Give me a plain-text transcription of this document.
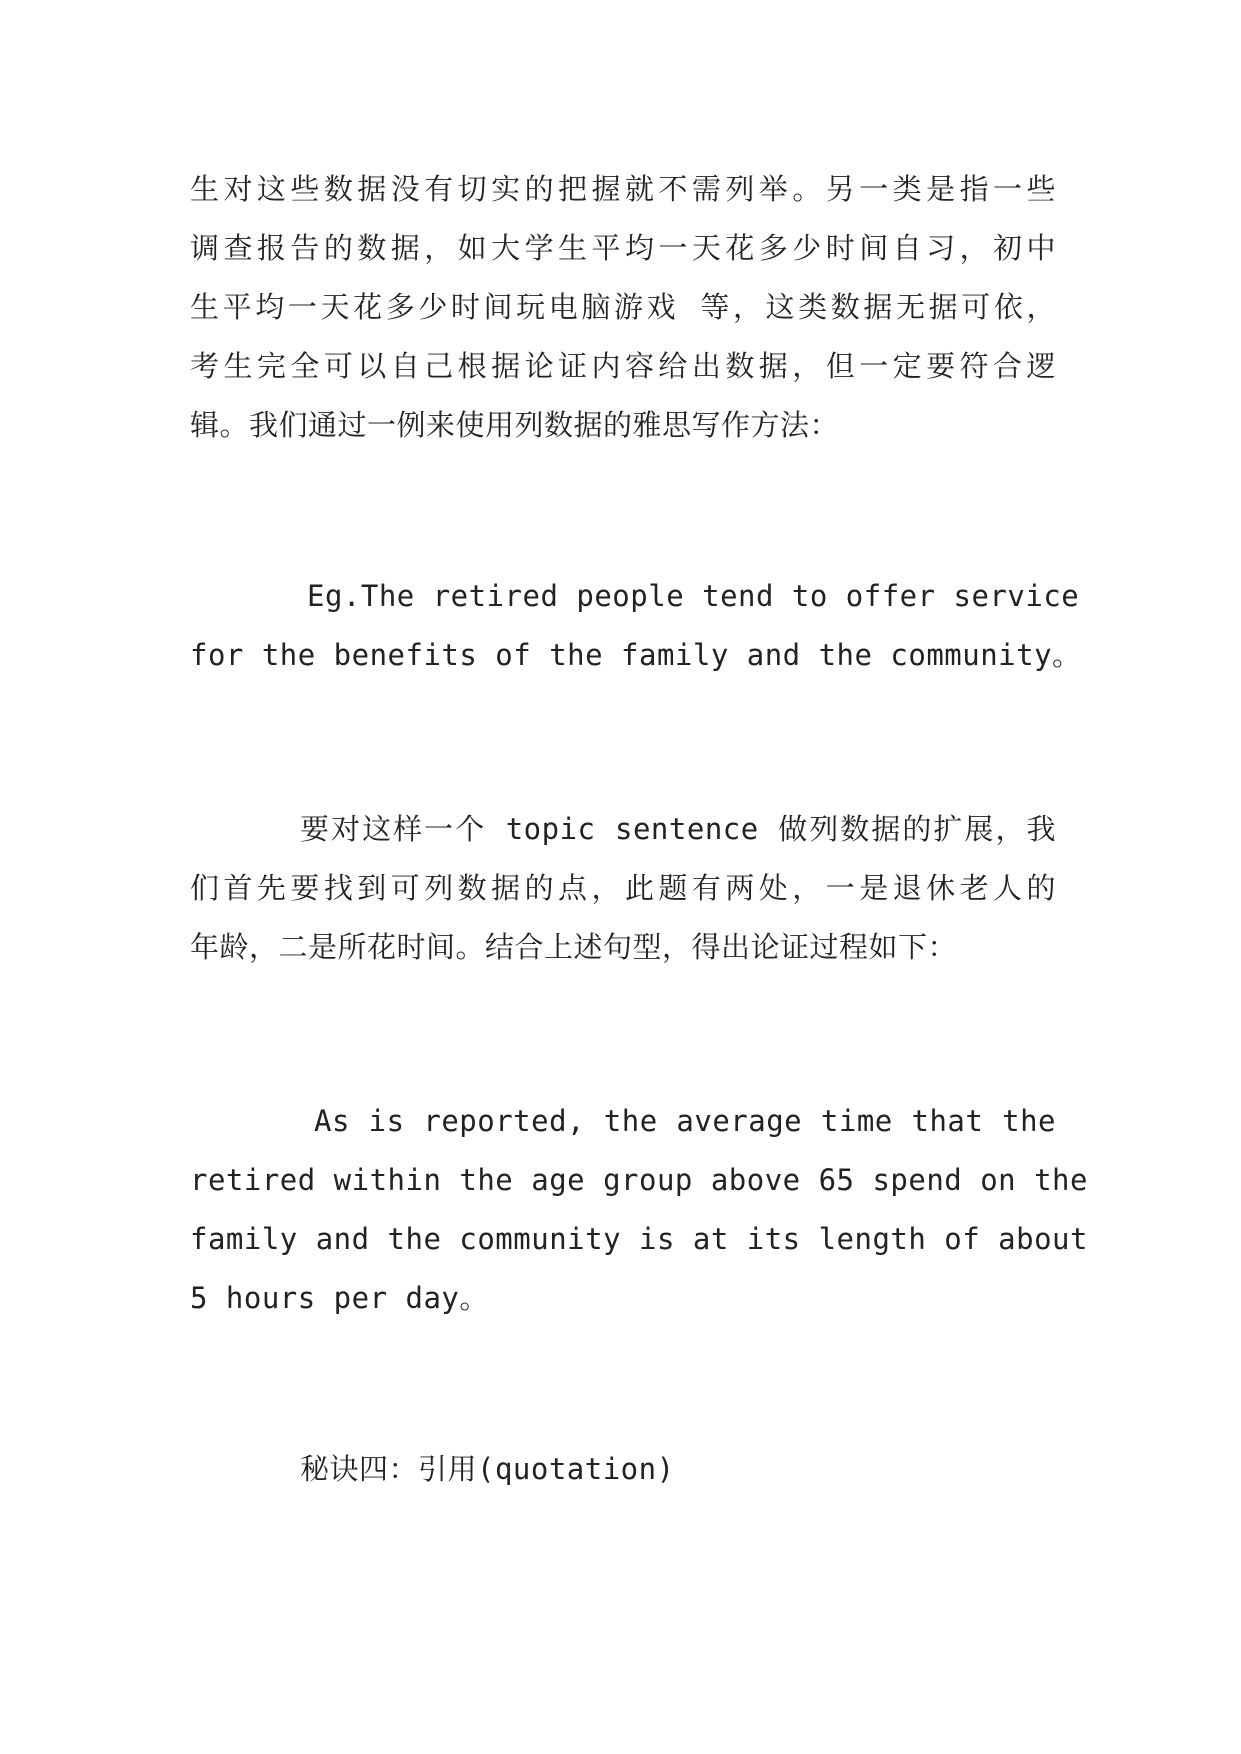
生对这些数据没有切实的把握就不需列举。另一类是指一些
调查报告的数据，如大学生平均一天花多少时间自习，初中
生平均一天花多少时间玩电脑游戏 等，这类数据无据可依，
考生完全可以自己根据论证内容给出数据，但一定要符合逻
辑。我们通过一例来使用列数据的雅思写作方法：
Eg.The retired people tend to offer service
for the benefits of the family and the community。
要对这样一个 topic sentence 做列数据的扩展，我
们首先要找到可列数据的点，此题有两处，一是退休老人的
年龄，二是所花时间。结合上述句型，得出论证过程如下：
As is reported, the average time that the
retired within the age group above 65 spend on the
family and the community is at its length of about
5 hours per day。
秘诀四：引用(quotation)
